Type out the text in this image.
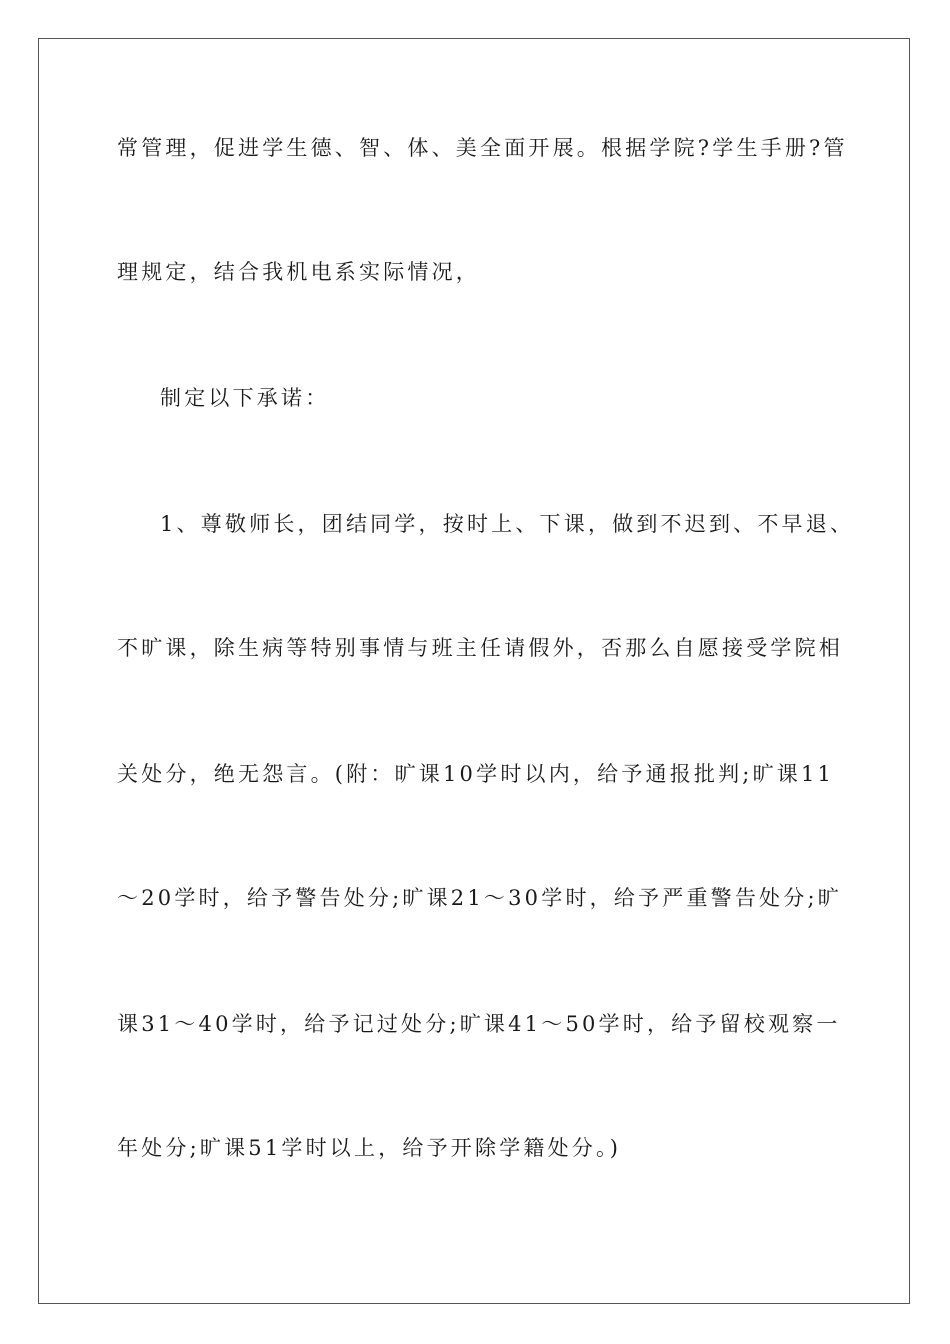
常管理，促进学生德、智、体、美全面开展。根据学院?学生手册?管
理规定，结合我机电系实际情况，
制定以下承诺：
1、尊敬师长，团结同学，按时上、下课，做到不迟到、不早退、
不旷课，除生病等特别事情与班主任请假外，否那么自愿接受学院相
关处分，绝无怨言。(附：旷课10学时以内，给予通报批判;旷课11
～20学时，给予警告处分;旷课21～30学时，给予严重警告处分;旷
课31～40学时，给予记过处分;旷课41～50学时，给予留校观察一
年处分;旷课51学时以上，给予开除学籍处分。)
